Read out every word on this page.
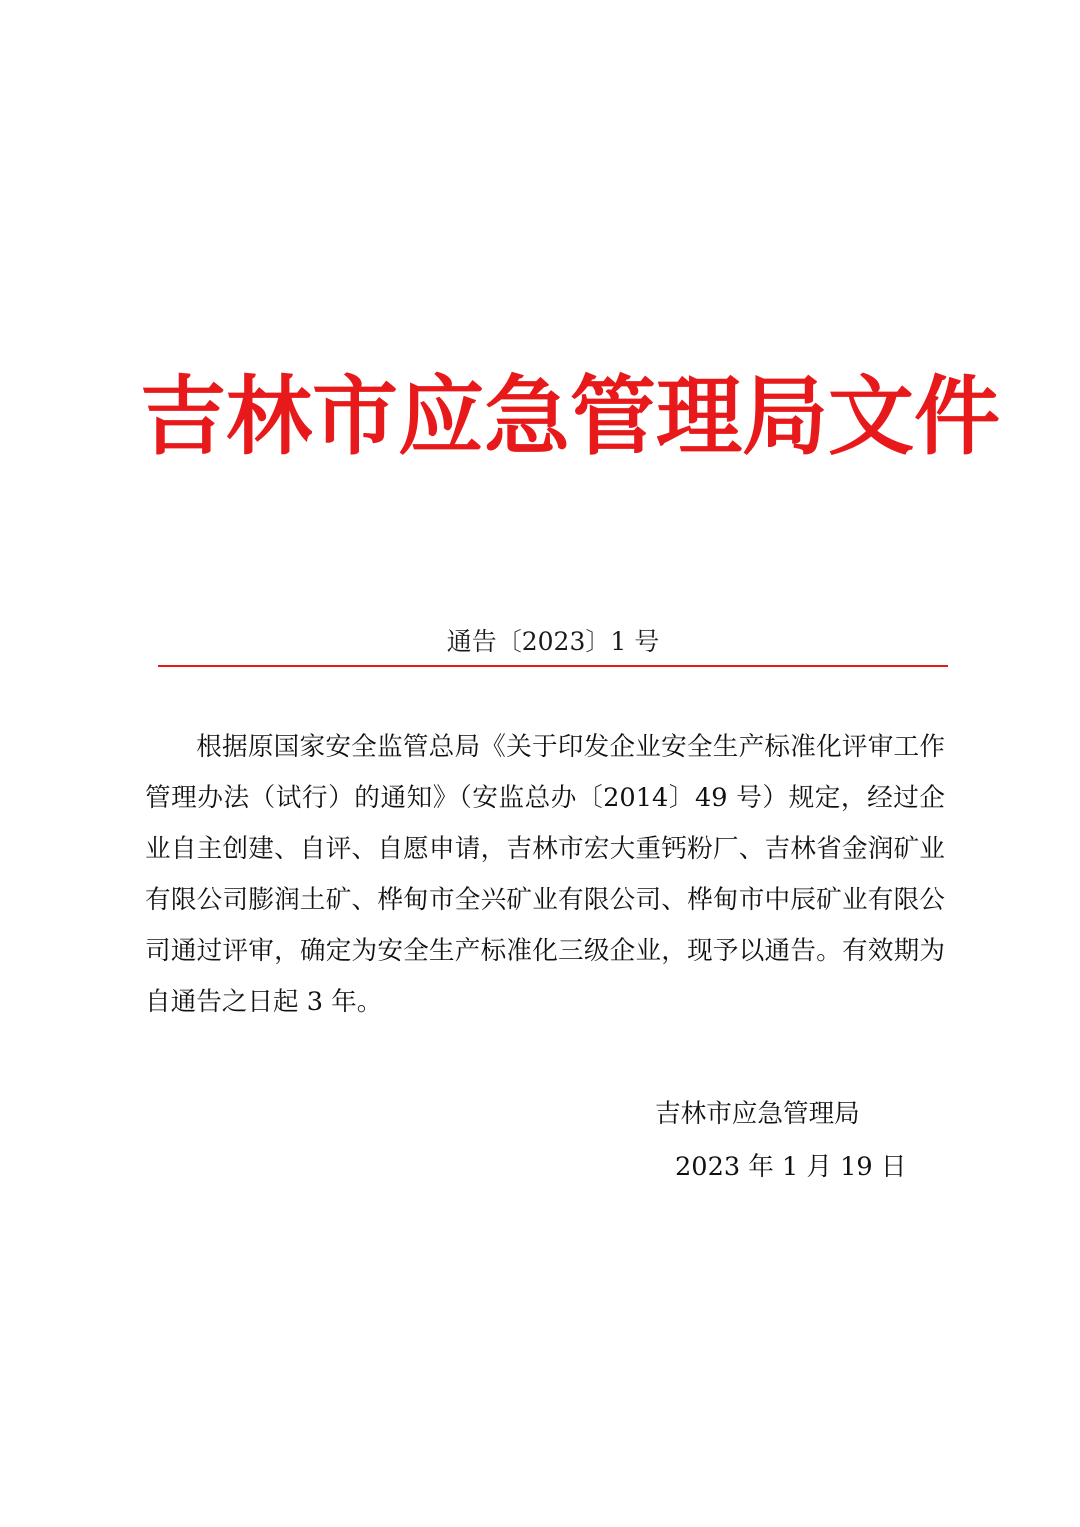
吉林市应急管理局文件
通告〔2023〕1 号

根据原国家安全监管总局《关于印发企业安全生产标准化评审工作管理办法（试行）的通知》（安监总办〔2014〕49 号）规定，经过企业自主创建、自评、自愿申请，吉林市宏大重钙粉厂、吉林省金润矿业有限公司膨润土矿、桦甸市全兴矿业有限公司、桦甸市中辰矿业有限公司通过评审，确定为安全生产标准化三级企业，现予以通告。有效期为自通告之日起 3 年。

吉林市应急管理局
2023 年 1 月 19 日
